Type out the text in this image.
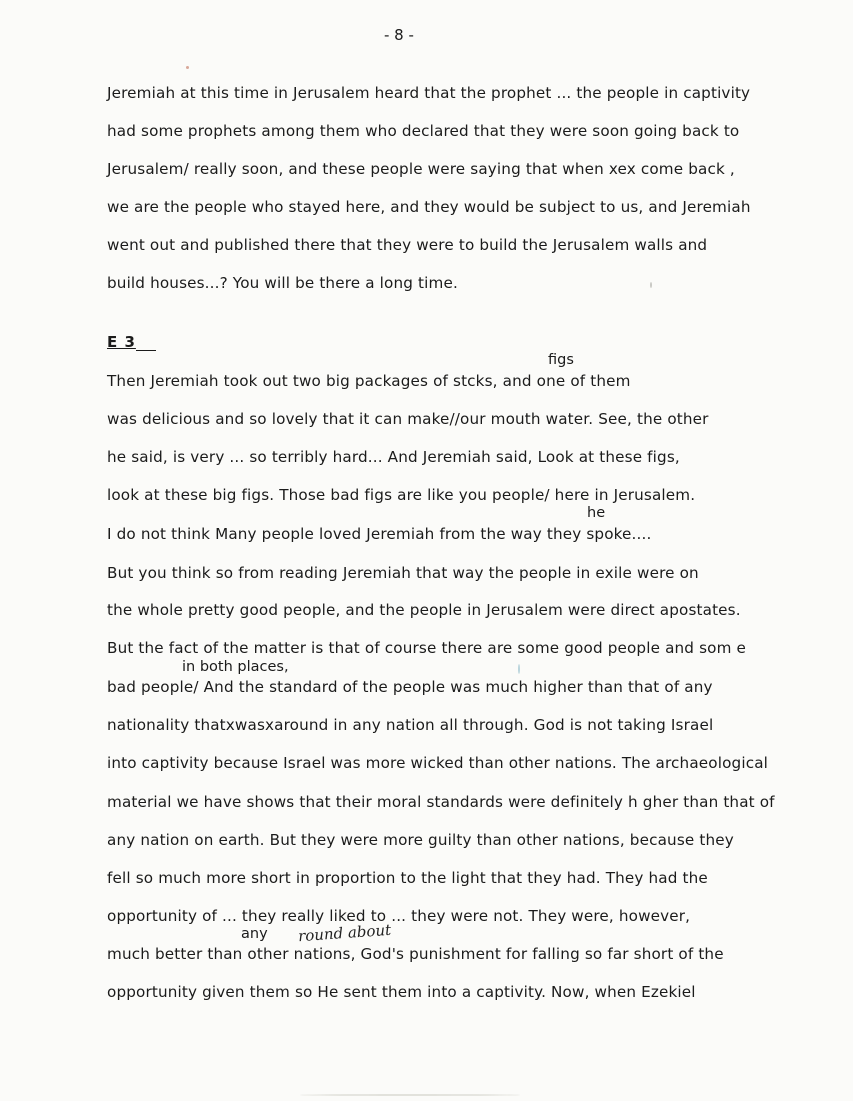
- 8 -
Jeremiah at this time in Jerusalem heard that the prophet ... the people in captivity
had some prophets among them who declared that they were soon going back to
Jerusalem/ really soon, and these people were saying that when xex come back ,
we are the people who stayed here, and they would be subject to us, and Jeremiah
went out and published there that they were to build the Jerusalem walls and
build houses...? You will be there a long time.
E 3
figs
he
in both places,
any round about
Then Jeremiah took out two big packages of stcks, and one of them
was delicious and so lovely that it can make//our mouth water. See, the other
he said, is very ... so terribly hard... And Jeremiah said, Look at these figs,
look at these big figs. Those bad figs are like you people/ here in Jerusalem.
I do not think Many people loved Jeremiah from the way they spoke....
But you think so from reading Jeremiah that way the people in exile were on
the whole pretty good people, and the people in Jerusalem were direct apostates.
But the fact of the matter is that of course there are some good people and som e
bad people/ And the standard of the people was much higher than that of any
nationality thatxwasxaround in any nation all through. God is not taking Israel
into captivity because Israel was more wicked than other nations. The archaeological
material we have shows that their moral standards were definitely h gher than that of
any nation on earth. But they were more guilty than other nations, because they
fell so much more short in proportion to the light that they had. They had the
opportunity of ... they really liked to ... they were not. They were, however,
much better than other nations, God's punishment for falling so far short of the
opportunity given them so He sent them into a captivity. Now, when Ezekiel
